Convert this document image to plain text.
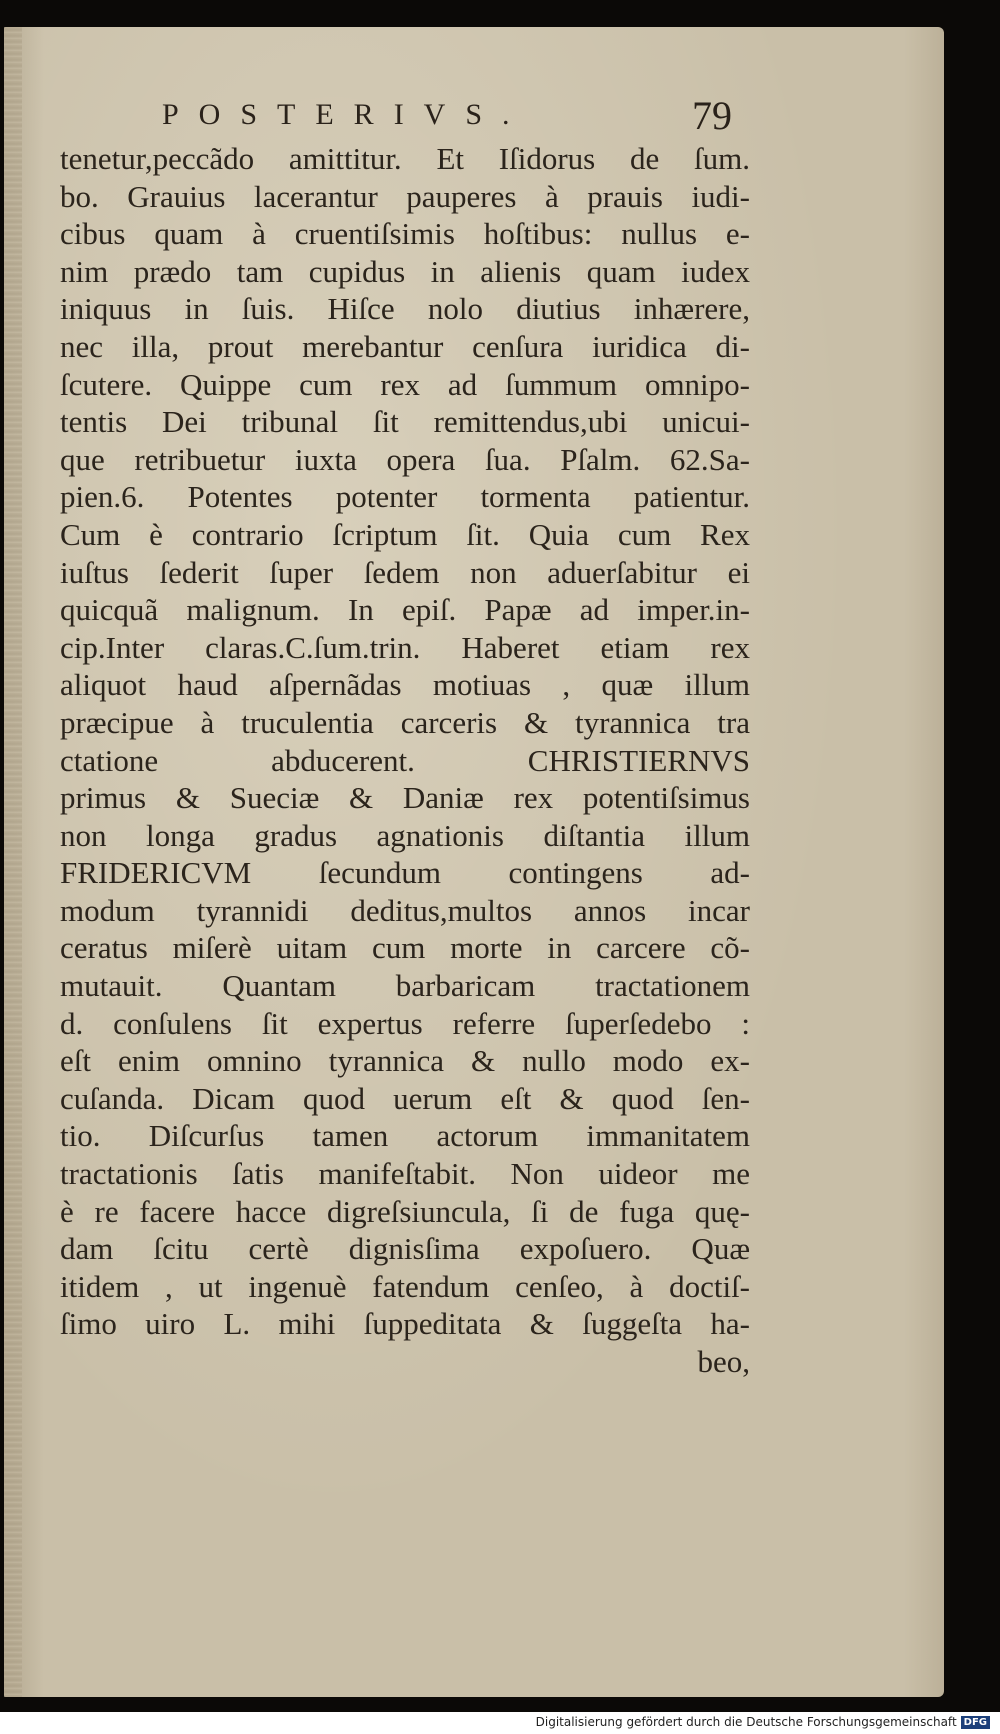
POSTERIVS.	79
tenetur,peccãdo amittitur. Et Iſidorus de ſum.
bo. Grauius lacerantur pauperes à prauis iudi-
cibus quam à cruentiſsimis hoſtibus: nullus e-
nim prædo tam cupidus in alienis quam iudex
iniquus in ſuis. Hiſce nolo diutius inhærere,
nec illa, prout merebantur cenſura iuridica di-
ſcutere. Quippe cum rex ad ſummum omnipo-
tentis Dei tribunal ſit remittendus,ubi unicui-
que retribuetur iuxta opera ſua. Pſalm. 62.Sa-
pien.6. Potentes potenter tormenta patientur.
Cum è contrario ſcriptum ſit. Quia cum Rex
iuſtus ſederit ſuper ſedem non aduerſabitur ei
quicquã malignum. In epiſ. Papæ ad imper.in-
cip.Inter claras.C.ſum.trin. Haberet etiam rex
aliquot haud aſpernãdas motiuas , quæ illum
præcipue à truculentia carceris & tyrannica tra
ctatione abducerent. CHRISTIERNVS
primus & Sueciæ & Daniæ rex potentiſsimus
non longa gradus agnationis diſtantia illum
FRIDERICVM ſecundum contingens ad-
modum tyrannidi deditus,multos annos incar
ceratus miſerè uitam cum morte in carcere cõ-
mutauit. Quantam barbaricam tractationem
d. conſulens ſit expertus referre ſuperſedebo :
eſt enim omnino tyrannica & nullo modo ex-
cuſanda. Dicam quod uerum eſt & quod ſen-
tio. Diſcurſus tamen actorum immanitatem
tractationis ſatis manifeſtabit. Non uideor me
è re facere hacce digreſsiuncula, ſi de fuga quę-
dam ſcitu certè dignisſima expoſuero. Quæ
itidem , ut ingenuè fatendum cenſeo, à doctiſ-
ſimo uiro L. mihi ſuppeditata & ſuggeſta ha-
beo,
Digitalisierung gefördert durch die Deutsche Forschungsgemeinschaft DFG
